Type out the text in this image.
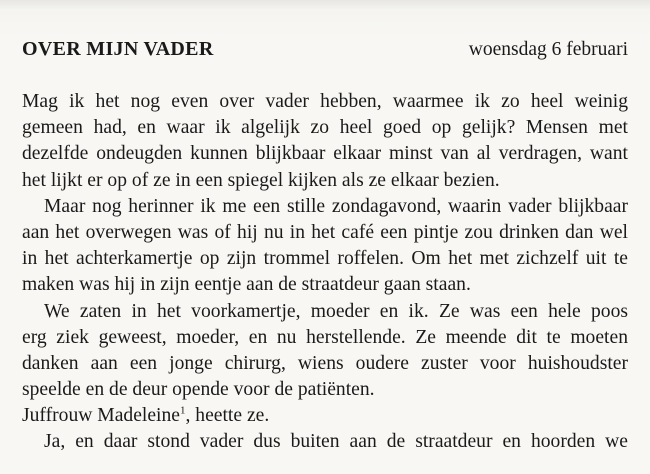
OVER MIJN VADER	woensdag 6 februari
Mag ik het nog even over vader hebben, waarmee ik zo heel weinig
gemeen had, en waar ik algelijk zo heel goed op gelijk? Mensen met
dezelfde ondeugden kunnen blijkbaar elkaar minst van al verdragen, want
het lijkt er op of ze in een spiegel kijken als ze elkaar bezien.
Maar nog herinner ik me een stille zondagavond, waarin vader blijkbaar
aan het overwegen was of hij nu in het café een pintje zou drinken dan wel
in het achterkamertje op zijn trommel roffelen. Om het met zichzelf uit te
maken was hij in zijn eentje aan de straatdeur gaan staan.
We zaten in het voorkamertje, moeder en ik. Ze was een hele poos
erg ziek geweest, moeder, en nu herstellende. Ze meende dit te moeten
danken aan een jonge chirurg, wiens oudere zuster voor huishoudster
speelde en de deur opende voor de patiënten.
Juffrouw Madeleine$^1$, heette ze.
Ja, en daar stond vader dus buiten aan de straatdeur en hoorden we
